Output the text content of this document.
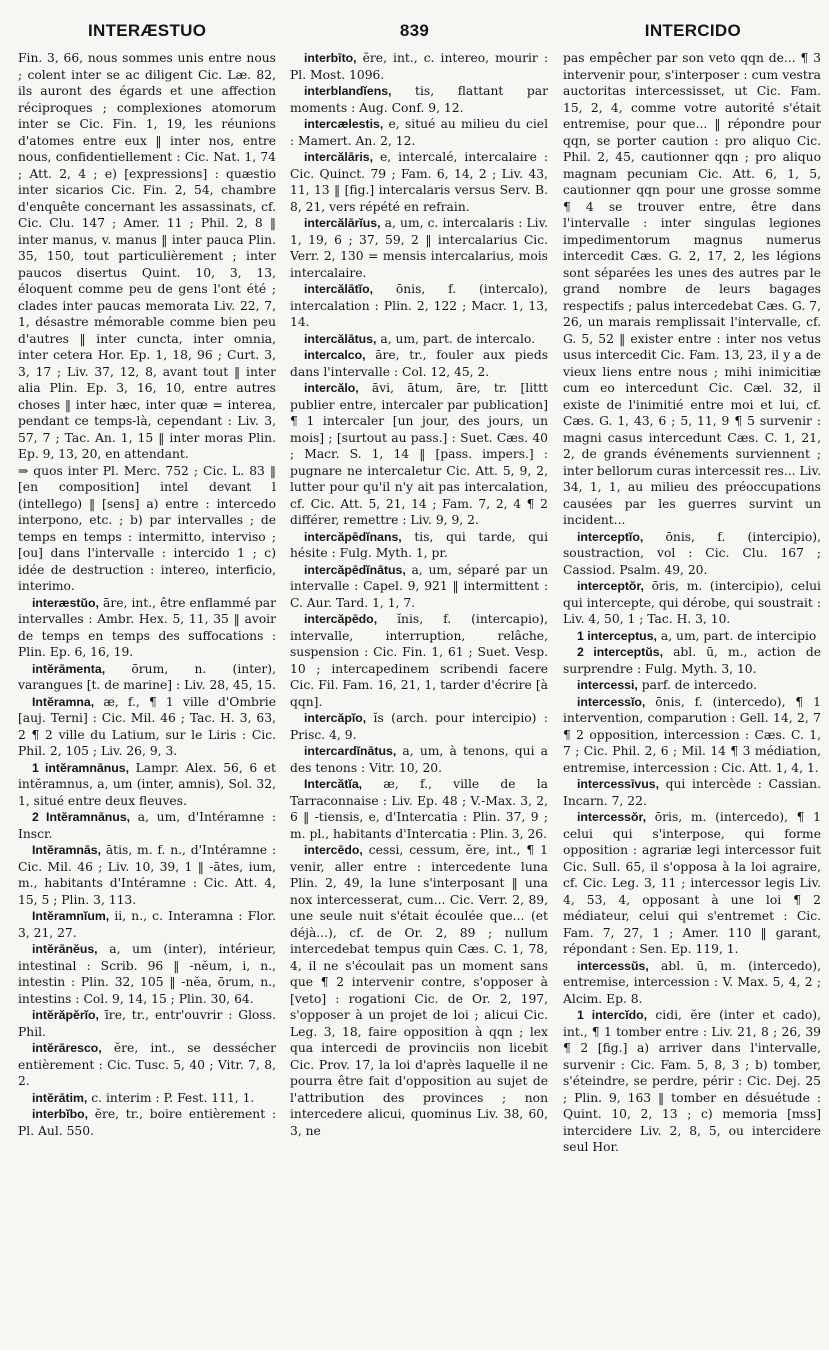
INTERÆSTUO	839	INTERCIDO

Fin. 3, 66, nous sommes unis entre nous ; colent inter se ac diligent Cic. Læ. 82, ils auront des égards et une affection réciproques ; complexiones atomorum inter se Cic. Fin. 1, 19, les réunions d'atomes entre eux ‖ inter nos, entre nous, confidentiellement : Cic. Nat. 1, 74 ; Att. 2, 4 ; e) [expressions] : quæstio inter sicarios Cic. Fin. 2, 54, chambre d'enquête concernant les assassinats, cf. Cic. Clu. 147 ; Amer. 11 ; Phil. 2, 8 ‖ inter manus, v. manus ‖ inter pauca Plin. 35, 150, tout particulièrement ; inter paucos disertus Quint. 10, 3, 13, éloquent comme peu de gens l'ont été ; clades inter paucas memorata Liv. 22, 7, 1, désastre mémorable comme bien peu d'autres ‖ inter cuncta, inter omnia, inter cetera Hor. Ep. 1, 18, 96 ; Curt. 3, 3, 17 ; Liv. 37, 12, 8, avant tout ‖ inter alia Plin. Ep. 3, 16, 10, entre autres choses ‖ inter hæc, inter quæ = interea, pendant ce temps-là, cependant : Liv. 3, 57, 7 ; Tac. An. 1, 15 ‖ inter moras Plin. Ep. 9, 13, 20, en attendant.

⇒ quos inter Pl. Merc. 752 ; Cic. L. 83 ‖ [en composition] intel devant l (intellego) ‖ [sens] a) entre : intercedo interpono, etc. ; b) par intervalles ; de temps en temps : intermitto, interviso ; [ou] dans l'intervalle : intercido 1 ; c) idée de destruction : intereo, interficio, interimo.

interæstŭo, āre, int., être enflammé par intervalles : Ambr. Hex. 5, 11, 35 ‖ avoir de temps en temps des suffocations : Plin. Ep. 6, 16, 19.

intĕrāmenta, ōrum, n. (inter), varangues [t. de marine] : Liv. 28, 45, 15.

Intĕramna, æ, f., ¶ 1 ville d'Ombrie [auj. Terni] : Cic. Mil. 46 ; Tac. H. 3, 63, 2 ¶ 2 ville du Latium, sur le Liris : Cic. Phil. 2, 105 ; Liv. 26, 9, 3.

1 intĕramnānus, Lampr. Alex. 56, 6 et intĕramnus, a, um (inter, amnis), Sol. 32, 1, situé entre deux fleuves.

2 Intĕramnānus, a, um, d'Intéramne : Inscr.

Intĕramnās, ātis, m. f. n., d'Intéramne : Cic. Mil. 46 ; Liv. 10, 39, 1 ‖ -ātes, ium, m., habitants d'Intéramne : Cic. Att. 4, 15, 5 ; Plin. 3, 113.

Intĕramnĭum, ii, n., c. Interamna : Flor. 3, 21, 27.

intĕrānĕus, a, um (inter), intérieur, intestinal : Scrib. 96 ‖ -nĕum, i, n., intestin : Plin. 32, 105 ‖ -nĕa, ōrum, n., intestins : Col. 9, 14, 15 ; Plin. 30, 64.

intĕrăpĕrĭo, īre, tr., entr'ouvrir : Gloss. Phil.

intĕrāresco, ĕre, int., se dessécher entièrement : Cic. Tusc. 5, 40 ; Vitr. 7, 8, 2.

intĕrātim, c. interim : P. Fest. 111, 1.

interbĭbo, ĕre, tr., boire entièrement : Pl. Aul. 550.

interbīto, ĕre, int., c. intereo, mourir : Pl. Most. 1096.

interblandĭens, tis, flattant par moments : Aug. Conf. 9, 12.

intercælestis, e, situé au milieu du ciel : Mamert. An. 2, 12.

intercălāris, e, intercalé, intercalaire : Cic. Quinct. 79 ; Fam. 6, 14, 2 ; Liv. 43, 11, 13 ‖ [fig.] intercalaris versus Serv. B. 8, 21, vers répété en refrain.

intercălārĭus, a, um, c. intercalaris : Liv. 1, 19, 6 ; 37, 59, 2 ‖ intercalarius Cic. Verr. 2, 130 = mensis intercalarius, mois intercalaire.

intercălātĭo, ōnis, f. (intercalo), intercalation : Plin. 2, 122 ; Macr. 1, 13, 14.

intercălātus, a, um, part. de intercalo.

intercalco, āre, tr., fouler aux pieds dans l'intervalle : Col. 12, 45, 2.

intercălo, āvi, ātum, āre, tr. [littt publier entre, intercaler par publication] ¶ 1 intercaler [un jour, des jours, un mois] ; [surtout au pass.] : Suet. Cæs. 40 ; Macr. S. 1, 14 ‖ [pass. impers.] : pugnare ne intercaletur Cic. Att. 5, 9, 2, lutter pour qu'il n'y ait pas intercalation, cf. Cic. Att. 5, 21, 14 ; Fam. 7, 2, 4 ¶ 2 différer, remettre : Liv. 9, 9, 2.

intercăpēdĭnans, tis, qui tarde, qui hésite : Fulg. Myth. 1, pr.

intercăpēdĭnātus, a, um, séparé par un intervalle : Capel. 9, 921 ‖ intermittent : C. Aur. Tard. 1, 1, 7.

intercăpēdo, ĭnis, f. (intercapio), intervalle, interruption, relâche, suspension : Cic. Fin. 1, 61 ; Suet. Vesp. 10 ; intercapedinem scribendi facere Cic. Fil. Fam. 16, 21, 1, tarder d'écrire [à qqn].

intercăpĭo, ĭs (arch. pour intercipio) : Prisc. 4, 9.

intercardĭnātus, a, um, à tenons, qui a des tenons : Vitr. 10, 20.

Intercătĭa, æ, f., ville de la Tarraconnaise : Liv. Ep. 48 ; V.-Max. 3, 2, 6 ‖ -tiensis, e, d'Intercatia : Plin. 37, 9 ; m. pl., habitants d'Intercatia : Plin. 3, 26.

intercēdo, cessi, cessum, ĕre, int., ¶ 1 venir, aller entre : intercedente luna Plin. 2, 49, la lune s'interposant ‖ una nox intercesserat, cum... Cic. Verr. 2, 89, une seule nuit s'était écoulée que... (et déjà...), cf. de Or. 2, 89 ; nullum intercedebat tempus quin Cæs. C. 1, 78, 4, il ne s'écoulait pas un moment sans que ¶ 2 intervenir contre, s'opposer à [veto] : rogationi Cic. de Or. 2, 197, s'opposer à un projet de loi ; alicui Cic. Leg. 3, 18, faire opposition à qqn ; lex qua intercedi de provinciis non licebit Cic. Prov. 17, la loi d'après laquelle il ne pourra être fait d'opposition au sujet de l'attribution des provinces ; non intercedere alicui, quominus Liv. 38, 60, 3, ne

pas empêcher par son veto qqn de... ¶ 3 intervenir pour, s'interposer : cum vestra auctoritas intercessisset, ut Cic. Fam. 15, 2, 4, comme votre autorité s'était entremise, pour que... ‖ répondre pour qqn, se porter caution : pro aliquo Cic. Phil. 2, 45, cautionner qqn ; pro aliquo magnam pecuniam Cic. Att. 6, 1, 5, cautionner qqn pour une grosse somme ¶ 4 se trouver entre, être dans l'intervalle : inter singulas legiones impedimentorum magnus numerus intercedit Cæs. G. 2, 17, 2, les légions sont séparées les unes des autres par le grand nombre de leurs bagages respectifs ; palus intercedebat Cæs. G. 7, 26, un marais remplissait l'intervalle, cf. G. 5, 52 ‖ exister entre : inter nos vetus usus intercedit Cic. Fam. 13, 23, il y a de vieux liens entre nous ; mihi inimicitiæ cum eo intercedunt Cic. Cæl. 32, il existe de l'inimitié entre moi et lui, cf. Cæs. G. 1, 43, 6 ; 5, 11, 9 ¶ 5 survenir : magni casus intercedunt Cæs. C. 1, 21, 2, de grands événements surviennent ; inter bellorum curas intercessit res... Liv. 34, 1, 1, au milieu des préoccupations causées par les guerres survint un incident...

interceptĭo, ōnis, f. (intercipio), soustraction, vol : Cic. Clu. 167 ; Cassiod. Psalm. 49, 20.

interceptŏr, ōris, m. (intercipio), celui qui intercepte, qui dérobe, qui soustrait : Liv. 4, 50, 1 ; Tac. H. 3, 10.

1 interceptus, a, um, part. de intercipio

2 interceptŭs, abl. ū, m., action de surprendre : Fulg. Myth. 3, 10.

intercessi, parf. de intercedo.

intercessĭo, ōnis, f. (intercedo), ¶ 1 intervention, comparution : Gell. 14, 2, 7 ¶ 2 opposition, intercession : Cæs. C. 1, 7 ; Cic. Phil. 2, 6 ; Mil. 14 ¶ 3 médiation, entremise, intercession : Cic. Att. 1, 4, 1.

intercessīvus, qui intercède : Cassian. Incarn. 7, 22.

intercessŏr, ōris, m. (intercedo), ¶ 1 celui qui s'interpose, qui forme opposition : agrariæ legi intercessor fuit Cic. Sull. 65, il s'opposa à la loi agraire, cf. Cic. Leg. 3, 11 ; intercessor legis Liv. 4, 53, 4, opposant à une loi ¶ 2 médiateur, celui qui s'entremet : Cic. Fam. 7, 27, 1 ; Amer. 110 ‖ garant, répondant : Sen. Ep. 119, 1.

intercessŭs, abl. ū, m. (intercedo), entremise, intercession : V. Max. 5, 4, 2 ; Alcim. Ep. 8.

1 intercĭdo, cidi, ĕre (inter et cado), int., ¶ 1 tomber entre : Liv. 21, 8 ; 26, 39 ¶ 2 [fig.] a) arriver dans l'intervalle, survenir : Cic. Fam. 5, 8, 3 ; b) tomber, s'éteindre, se perdre, périr : Cic. Dej. 25 ; Plin. 9, 163 ‖ tomber en désuétude : Quint. 10, 2, 13 ; c) memoria [mss] intercidere Liv. 2, 8, 5, ou intercidere seul Hor.
